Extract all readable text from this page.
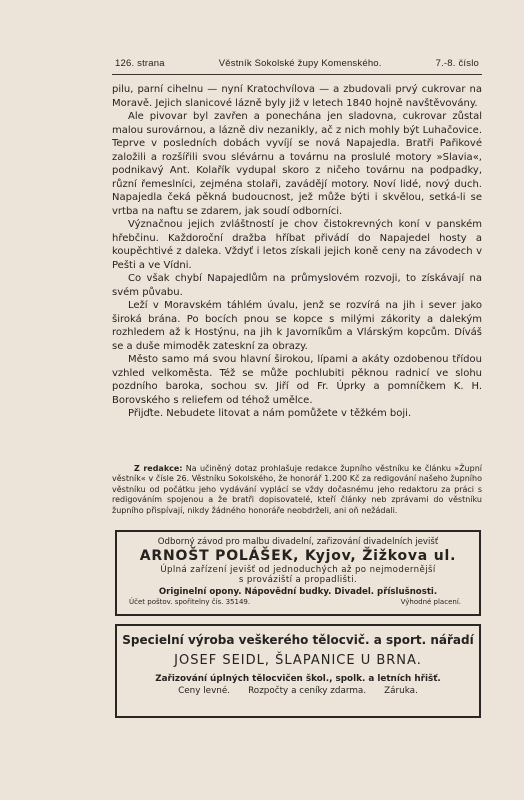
126. strana	Věstník Sokolské župy Komenského.	7.-8. číslo

pilu, parní cihelnu — nyní Kratochvílova — a zbudovali prvý cukrovar na Moravě. Jejich slanicové lázně byly již v letech 1840 hojně navštěvovány.

Ale pivovar byl zavřen a ponechána jen sladovna, cukrovar zůstal malou surovárnou, a lázně div nezanikly, ač z nich mohly být Luhačovice. Teprve v posledních dobách vyvíjí se nová Napajedla. Bratři Pařikové založili a rozšířili svou slévárnu a továrnu na proslulé motory »Slavia«, podnikavý Ant. Kolařík vydupal skoro z ničeho továrnu na podpadky, různí řemeslníci, zejména stolaři, zavádějí motory. Noví lidé, nový duch. Napajedla čeká pěkná budoucnost, jež může býti i skvělou, setká-li se vrtba na naftu se zdarem, jak soudí odborníci.

Význačnou jejich zvláštností je chov čistokrevných koní v panském hřebčinu. Každoroční dražba hříbat přivádí do Napajedel hosty a koupěchtivé z daleka. Vždyť i letos získali jejich koně ceny na závodech v Pešti a ve Vídni.

Co však chybí Napajedlům na průmyslovém rozvoji, to získávají na svém půvabu.

Leží v Moravském táhlém úvalu, jenž se rozvírá na jih i sever jako široká brána. Po bocích pnou se kopce s milými zákority a dalekým rozhledem až k Hostýnu, na jih k Javorníkům a Vlárským kopcům. Díváš se a duše mimoděk zateskní za obrazy.

Město samo má svou hlavní širokou, lípami a akáty ozdobenou třídou vzhled velkoměsta. Též se může pochlubiti pěknou radnicí ve slohu pozdního baroka, sochou sv. Jiří od Fr. Úprky a pomníčkem K. H. Borovského s reliefem od téhož umělce.

Přijďte. Nebudete litovat a nám pomůžete v těžkém boji.

Z redakce: Na učiněný dotaz prohlašuje redakce župního věstníku ke článku »Župní věstník« v čísle 26. Věstníku Sokolského, že honorář 1.200 Kč za redigování našeho župního věstníku od počátku jeho vydávání vyplácí se vždy dočasnému jeho redaktoru za práci s redigováním spojenou a že bratři dopisovatelé, kteří články neb zprávami do věstníku župního přispívají, nikdy žádného honoráře neobdrželi, ani oň nežádali.
Odborný závod pro malbu divadelní, zařizování divadelních jevišť
ARNOŠT POLÁŠEK, Kyjov, Žižkova ul.
Úplná zařízení jevišť od jednoduchých až po nejmodernější s prováziští a propadlišti.
Originelní opony. Nápovědní budky. Divadel. příslušnosti.
Účet poštov. spořitelny čís. 35149.	Výhodné placení.
Specielní výroba veškerého tělocvič. a sport. nářadí
JOSEF SEIDL, ŠLAPANICE U BRNA.
Zařizování úplných tělocvičen škol., spolk. a letních hřišť.
Ceny levné. Rozpočty a ceníky zdarma. Záruka.
